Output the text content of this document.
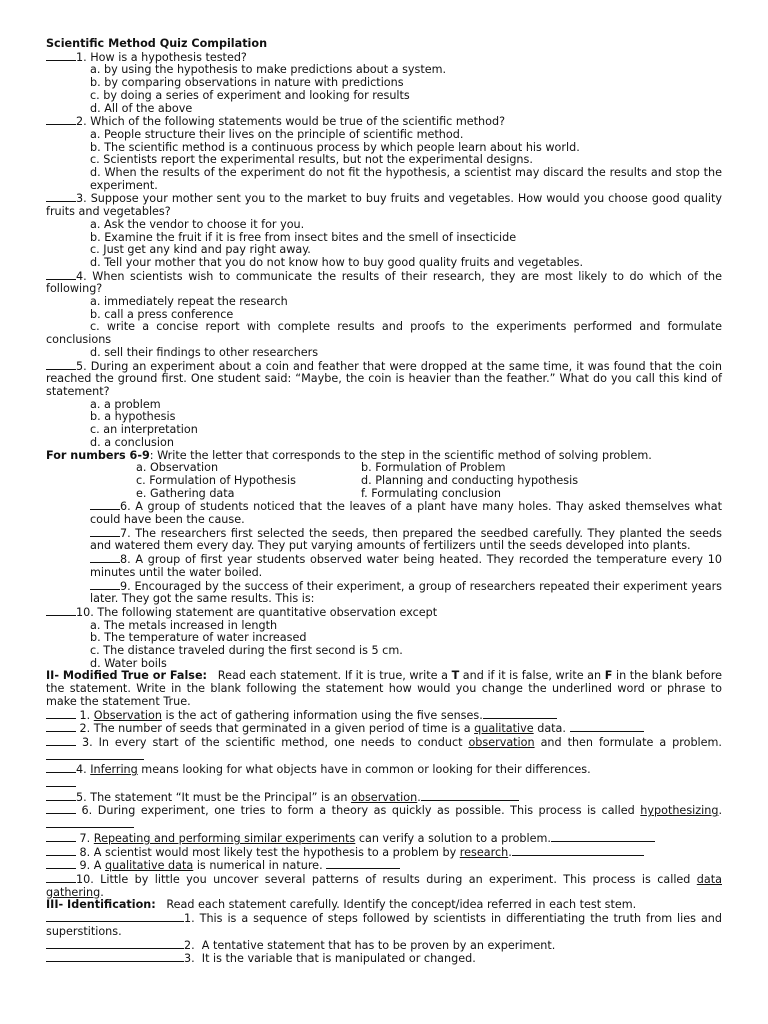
Scientific Method Quiz Compilation
1. How is a hypothesis tested?
a. by using the hypothesis to make predictions about a system.
b. by comparing observations in nature with predictions
c. by doing a series of experiment and looking for results
d. All of the above
2. Which of the following statements would be true of the scientific method?
a. People structure their lives on the principle of scientific method.
b. The scientific method is a continuous process by which people learn about his world.
c. Scientists report the experimental results, but not the experimental designs.
d. When the results of the experiment do not fit the hypothesis, a scientist may discard the results and stop the   experiment.
3. Suppose your mother sent you to the market to buy fruits and vegetables. How would you choose good quality fruits and vegetables?
a. Ask the vendor to choose it for you.
b. Examine the fruit if it is free from insect bites and the smell of insecticide
c. Just get any kind and pay right away.
d. Tell your mother that you do not know how to buy good quality fruits and vegetables.
4. When scientists wish to communicate the results of their research, they are most likely to do which of the following?
a. immediately repeat the research
b. call a press conference
c. write a concise report with complete results and proofs to the experiments performed and formulate conclusions
d. sell their findings to other researchers
5. During an experiment about a coin and feather that were dropped at the same time, it was found that the coin reached the ground first. One student said: “Maybe, the coin is heavier than the feather.” What do you call this kind of statement?
a. a problem
b. a hypothesis
c. an interpretation
d. a conclusion
For numbers 6-9: Write the letter that corresponds to the step in the scientific method of solving problem.
a. Observation	b. Formulation of Problem
c. Formulation of Hypothesis	d. Planning and conducting hypothesis
e. Gathering data	f. Formulating conclusion
6. A group of students noticed that the leaves of a plant have many holes. Thay asked themselves what could have been the cause.
7. The researchers first selected the seeds, then prepared the seedbed carefully. They planted the seeds and watered them every day. They put varying amounts of fertilizers until the seeds developed into plants.
8. A group of first year students observed water being heated. They recorded the temperature every 10 minutes until the water boiled.
9. Encouraged by the success of their experiment, a group of researchers repeated their experiment years later. They got the same results. This is:
10. The following statement are quantitative observation except
a. The metals increased in length
b. The temperature of water increased
c. The distance traveled during the first second is 5 cm.
d. Water boils
II- Modified True or False:   Read each statement. If it is true, write a T and if it is false, write an F in the blank before the statement. Write in the blank following the statement how would you change the underlined word or phrase to make the statement True.
1. Observation is the act of gathering information using the five senses.
2. The number of seeds that germinated in a given period of time is a qualitative data.
3. In every start of the scientific method, one needs to conduct observation and then formulate a problem.
4. Inferring means looking for what objects have in common or looking for their differences.
5. The statement “It must be the Principal” is an observation.
6. During experiment, one tries to form a theory as quickly as possible. This process is called hypothesizing.
7. Repeating and performing similar experiments can verify a solution to a problem.
8. A scientist would most likely test the hypothesis to a problem by research.
9. A qualitative data is numerical in nature.
10. Little by little you uncover several patterns of results during an experiment. This process is called data gathering.
III- Identification:   Read each statement carefully. Identify the concept/idea referred in each test stem.
1. This is a sequence of steps followed by scientists in differentiating the truth from lies and superstitions.
2.  A tentative statement that has to be proven by an experiment.
3.  It is the variable that is manipulated or changed.
